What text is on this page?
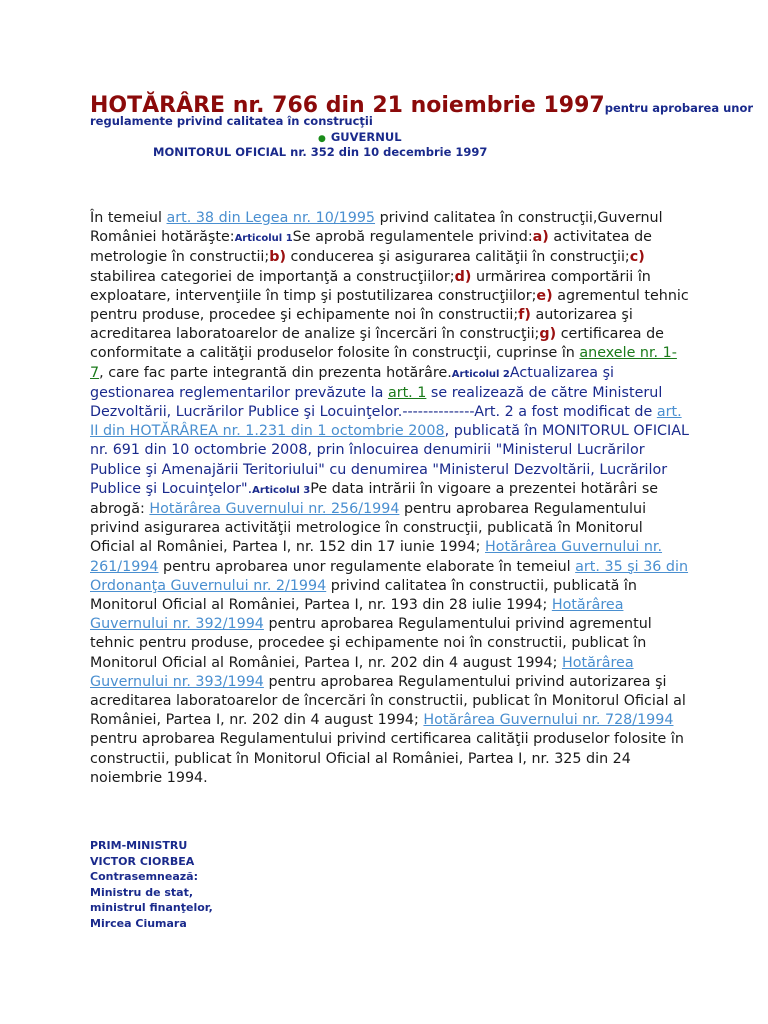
HOTĂRÂRE nr. 766 din 21 noiembrie 1997pentru aprobarea unor
regulamente privind calitatea în construcţii
● GUVERNUL
MONITORUL OFICIAL nr. 352 din 10 decembrie 1997
În temeiul art. 38 din Legea nr. 10/1995 privind calitatea în construcţii,Guvernul României hotărăşte:Articolul 1Se aprobă regulamentele privind:a) activitatea de metrologie în constructii;b) conducerea şi asigurarea calităţii în construcţii;c) stabilirea categoriei de importanţă a construcţiilor;d) urmărirea comportării în exploatare, intervenţiile în timp şi postutilizarea construcţiilor;e) agrementul tehnic pentru produse, procedee şi echipamente noi în constructii;f) autorizarea şi acreditarea laboratoarelor de analize şi încercări în construcţii;g) certificarea de conformitate a calităţii produselor folosite în construcţii, cuprinse în anexele nr. 1-7, care fac parte integrantă din prezenta hotărâre.Articolul 2Actualizarea şi gestionarea reglementarilor prevăzute la art. 1 se realizează de către Ministerul Dezvoltării, Lucrărilor Publice şi Locuinţelor.--------------Art. 2 a fost modificat de art. II din HOTĂRÂREA nr. 1.231 din 1 octombrie 2008, publicată în MONITORUL OFICIAL nr. 691 din 10 octombrie 2008, prin înlocuirea denumirii "Ministerul Lucrărilor Publice şi Amenajării Teritoriului" cu denumirea "Ministerul Dezvoltării, Lucrărilor Publice şi Locuinţelor".Articolul 3Pe data intrării în vigoare a prezentei hotărâri se abrogă: Hotărârea Guvernului nr. 256/1994 pentru aprobarea Regulamentului privind asigurarea activităţii metrologice în construcţii, publicată în Monitorul Oficial al României, Partea I, nr. 152 din 17 iunie 1994; Hotărârea Guvernului nr. 261/1994 pentru aprobarea unor regulamente elaborate în temeiul art. 35 şi 36 din Ordonanţa Guvernului nr. 2/1994 privind calitatea în constructii, publicată în Monitorul Oficial al României, Partea I, nr. 193 din 28 iulie 1994; Hotărârea Guvernului nr. 392/1994 pentru aprobarea Regulamentului privind agrementul tehnic pentru produse, procedee şi echipamente noi în constructii, publicat în Monitorul Oficial al României, Partea I, nr. 202 din 4 august 1994; Hotărârea Guvernului nr. 393/1994 pentru aprobarea Regulamentului privind autorizarea şi acreditarea laboratoarelor de încercări în constructii, publicat în Monitorul Oficial al României, Partea I, nr. 202 din 4 august 1994; Hotărârea Guvernului nr. 728/1994 pentru aprobarea Regulamentului privind certificarea calităţii produselor folosite în constructii, publicat în Monitorul Oficial al României, Partea I, nr. 325 din 24 noiembrie 1994.
PRIM-MINISTRU
VICTOR CIORBEA
Contrasemnează:
Ministru de stat,
ministrul finanţelor,
Mircea Ciumara
